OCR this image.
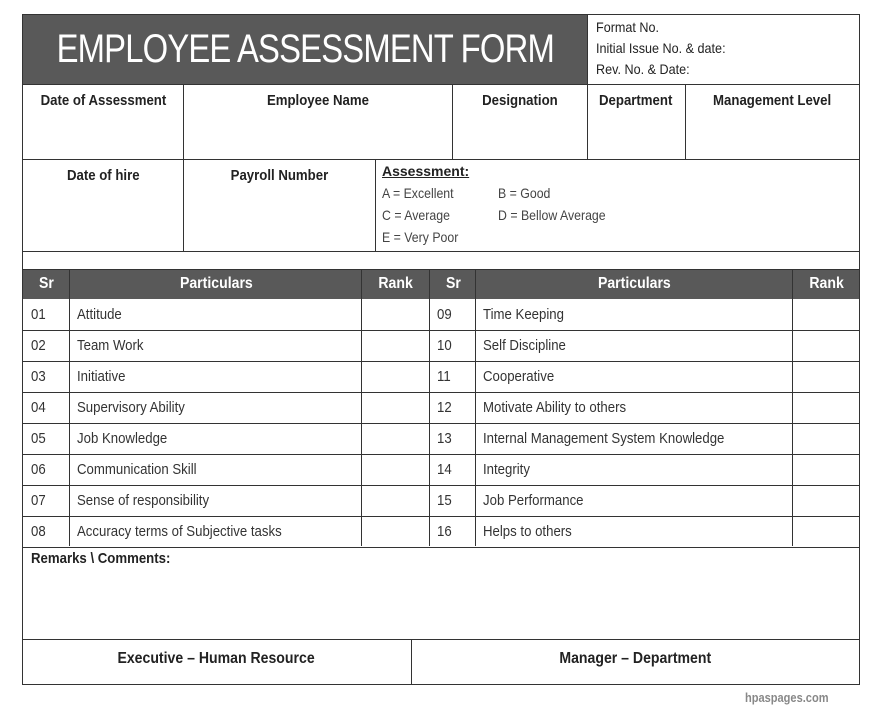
EMPLOYEE ASSESSMENT FORM	Format No.
Initial Issue No. & date:
Rev. No. & Date:
Date of Assessment	Employee Name	Designation	Department	Management Level
Date of hire	Payroll Number	Assessment:
A = Excellent	B = Good
C = Average	D = Bellow Average
E = Very Poor
Sr	Particulars	Rank Sr	Particulars	Rank
01 Attitude	09 Time Keeping
02 Team Work	10 Self Discipline
03 Initiative	11 Cooperative
04 Supervisory Ability	12 Motivate Ability to others
05 Job Knowledge	13 Internal Management System Knowledge
06 Communication Skill	14 Integrity
07 Sense of responsibility	15 Job Performance
08 Accuracy terms of Subjective tasks	16 Helps to others
Remarks \ Comments:
Executive – Human Resource	Manager – Department
hpaspages.com
